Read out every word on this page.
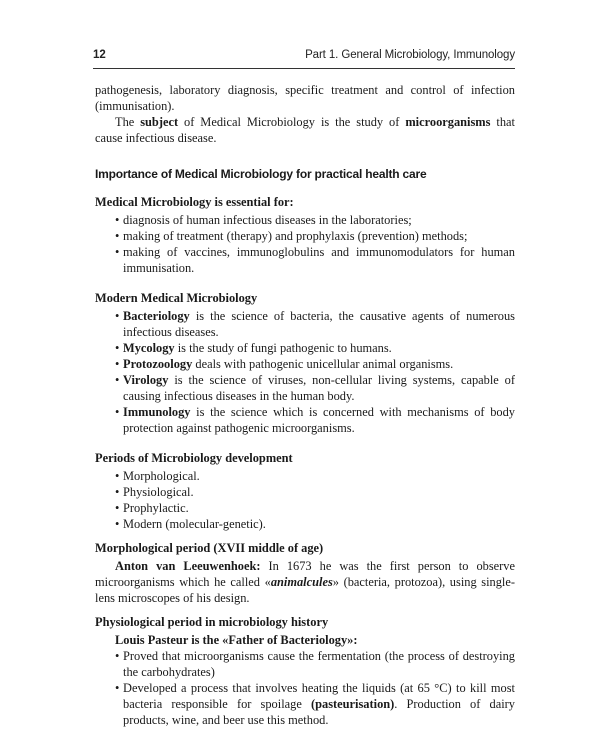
12	Part 1. General Microbiology, Immunology

pathogenesis, laboratory diagnosis, specific treatment and control of infection (immunisation).

The subject of Medical Microbiology is the study of microorganisms that cause infectious disease.

Importance of Medical Microbiology for practical health care
Medical Microbiology is essential for:
• diagnosis of human infectious diseases in the laboratories;
• making of treatment (therapy) and prophylaxis (prevention) methods;
• making of vaccines, immunoglobulins and immunomodulators for human immunisation.
Modern Medical Microbiology
• Bacteriology is the science of bacteria, the causative agents of numerous infectious diseases.
• Mycology is the study of fungi pathogenic to humans.
• Protozoology deals with pathogenic unicellular animal organisms.
• Virology is the science of viruses, non-cellular living systems, capable of causing infectious diseases in the human body.
• Immunology is the science which is concerned with mechanisms of body protection against pathogenic microorganisms.
Periods of Microbiology development
• Morphological.
• Physiological.
• Prophylactic.
• Modern (molecular-genetic).
Morphological period (XVII middle of age)

Anton van Leeuwenhoek: In 1673 he was the first person to observe microorganisms which he called «animalcules» (bacteria, protozoa), using single-lens microscopes of his design.

Physiological period in microbiology history

Louis Pasteur is the «Father of Bacteriology»:

• Proved that microorganisms cause the fermentation (the process of destroying the carbohydrates)
• Developed a process that involves heating the liquids (at 65 °C) to kill most bacteria responsible for spoilage (pasteurisation). Production of dairy products, wine, and beer use this method.
